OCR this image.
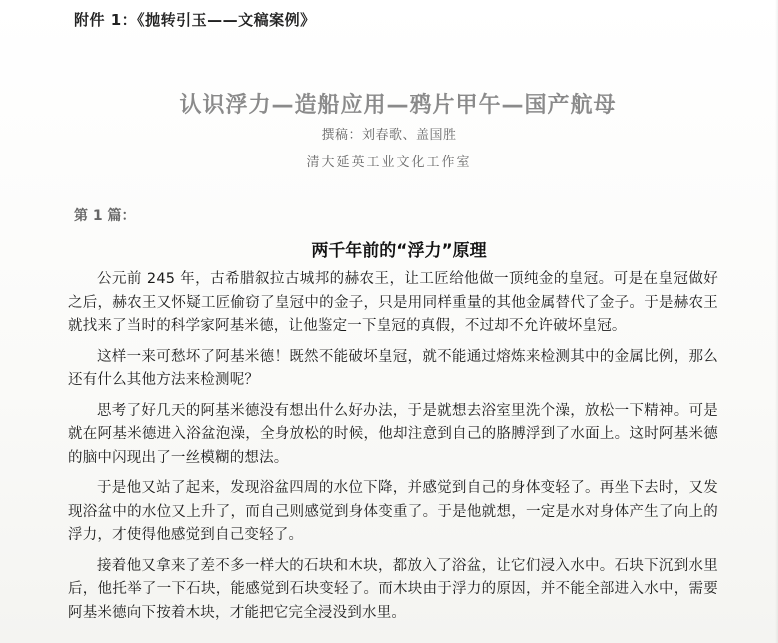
附件 1：《抛转引玉——文稿案例》
认识浮力—造船应用—鸦片甲午—国产航母
撰稿：刘春歌、盖国胜
清大延英工业文化工作室
第 1 篇：
两千年前的“浮力”原理

公元前 245 年，古希腊叙拉古城邦的赫农王，让工匠给他做一顶纯金的皇冠。可是在皇冠做好之后，赫农王又怀疑工匠偷窃了皇冠中的金子，只是用同样重量的其他金属替代了金子。于是赫农王就找来了当时的科学家阿基米德，让他鉴定一下皇冠的真假，不过却不允许破坏皇冠。

这样一来可愁坏了阿基米德！既然不能破坏皇冠，就不能通过熔炼来检测其中的金属比例，那么还有什么其他方法来检测呢？

思考了好几天的阿基米德没有想出什么好办法，于是就想去浴室里洗个澡，放松一下精神。可是就在阿基米德进入浴盆泡澡，全身放松的时候，他却注意到自己的胳膊浮到了水面上。这时阿基米德的脑中闪现出了一丝模糊的想法。

于是他又站了起来，发现浴盆四周的水位下降，并感觉到自己的身体变轻了。再坐下去时，又发现浴盆中的水位又上升了，而自己则感觉到身体变重了。于是他就想，一定是水对身体产生了向上的浮力，才使得他感觉到自己变轻了。

接着他又拿来了差不多一样大的石块和木块，都放入了浴盆，让它们浸入水中。石块下沉到水里后，他托举了一下石块，能感觉到石块变轻了。而木块由于浮力的原因，并不能全部进入水中，需要阿基米德向下按着木块，才能把它完全浸没到水里。
